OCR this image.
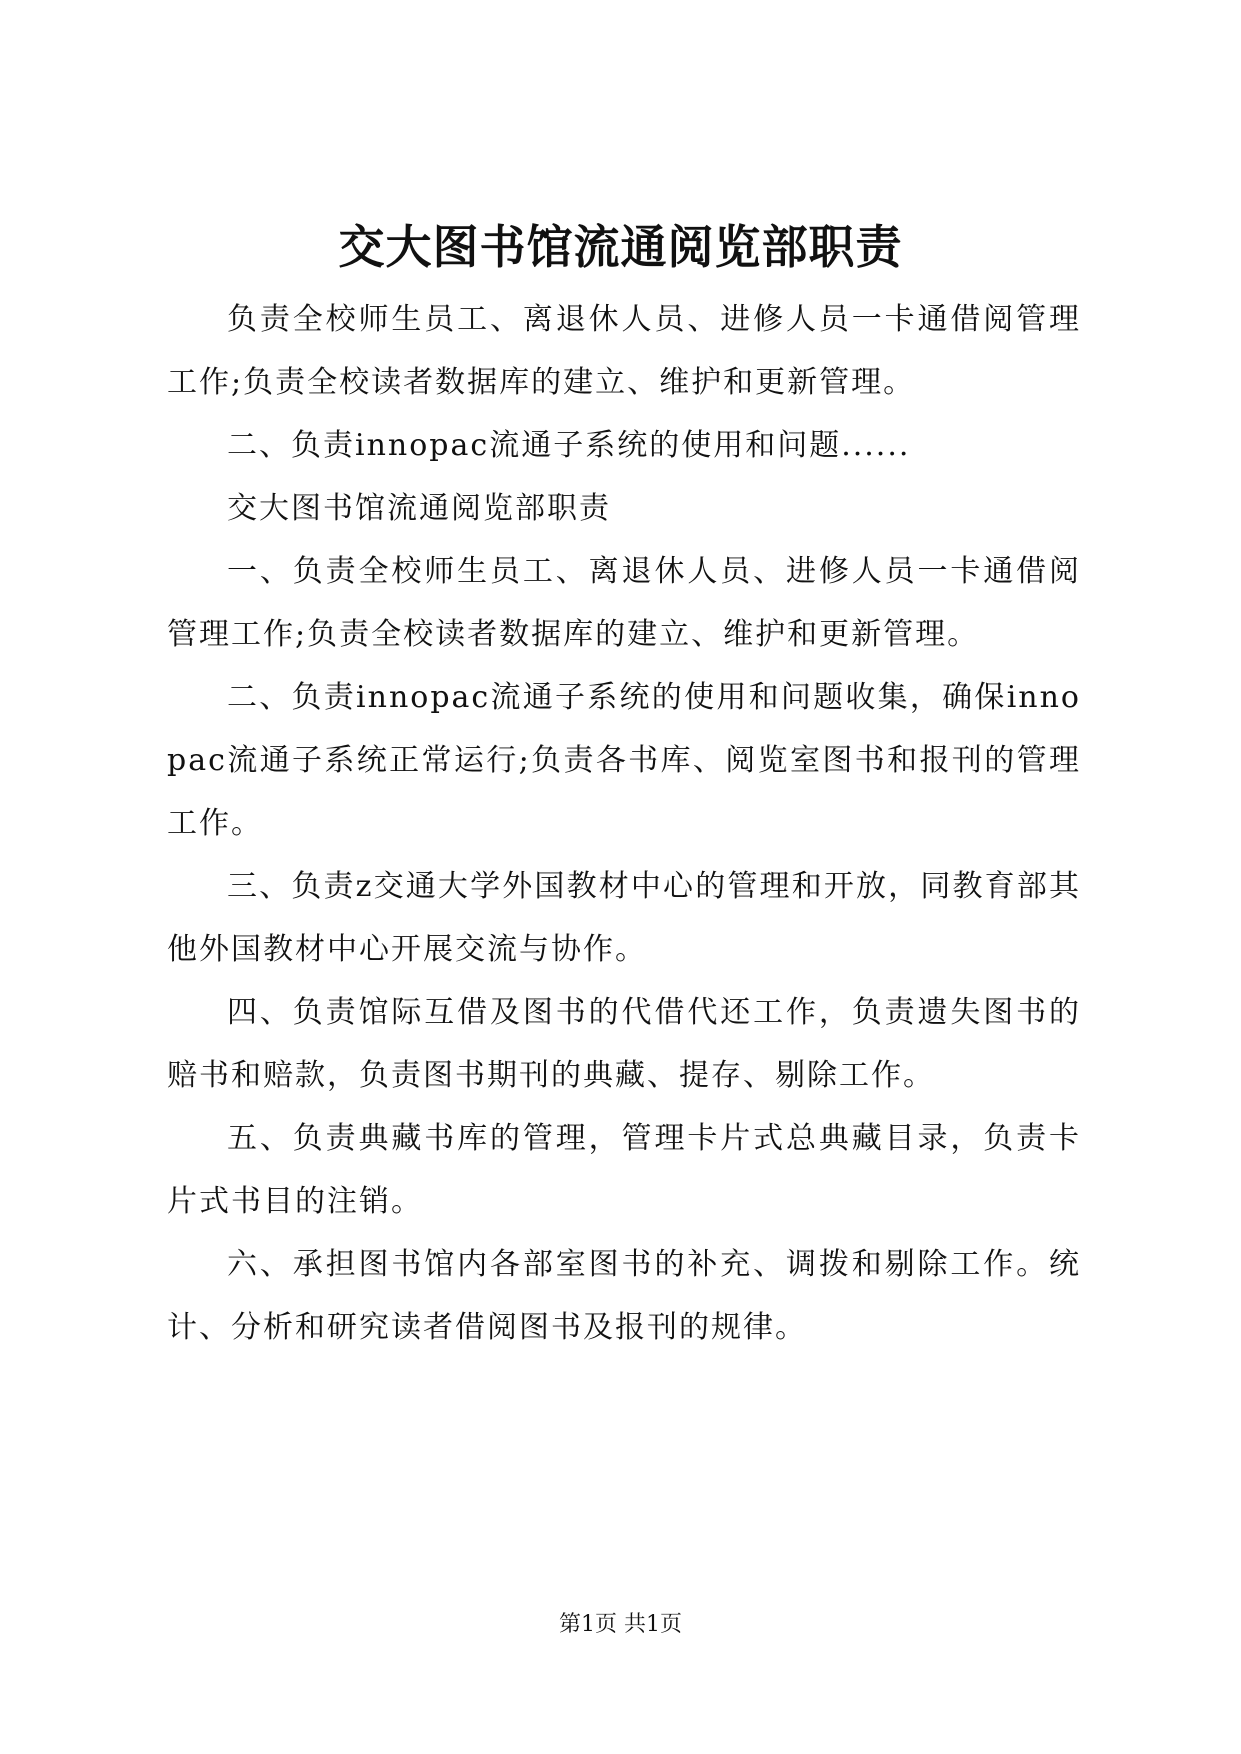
交大图书馆流通阅览部职责

负责全校师生员工、离退休人员、进修人员一卡通借阅管理工作;负责全校读者数据库的建立、维护和更新管理。

二、负责innopac流通子系统的使用和问题......

交大图书馆流通阅览部职责

一、负责全校师生员工、离退休人员、进修人员一卡通借阅管理工作;负责全校读者数据库的建立、维护和更新管理。

二、负责innopac流通子系统的使用和问题收集，确保innopac流通子系统正常运行;负责各书库、阅览室图书和报刊的管理工作。

三、负责z交通大学外国教材中心的管理和开放，同教育部其他外国教材中心开展交流与协作。

四、负责馆际互借及图书的代借代还工作，负责遗失图书的赔书和赔款，负责图书期刊的典藏、提存、剔除工作。

五、负责典藏书库的管理，管理卡片式总典藏目录，负责卡片式书目的注销。

六、承担图书馆内各部室图书的补充、调拨和剔除工作。统计、分析和研究读者借阅图书及报刊的规律。

第1页 共1页
